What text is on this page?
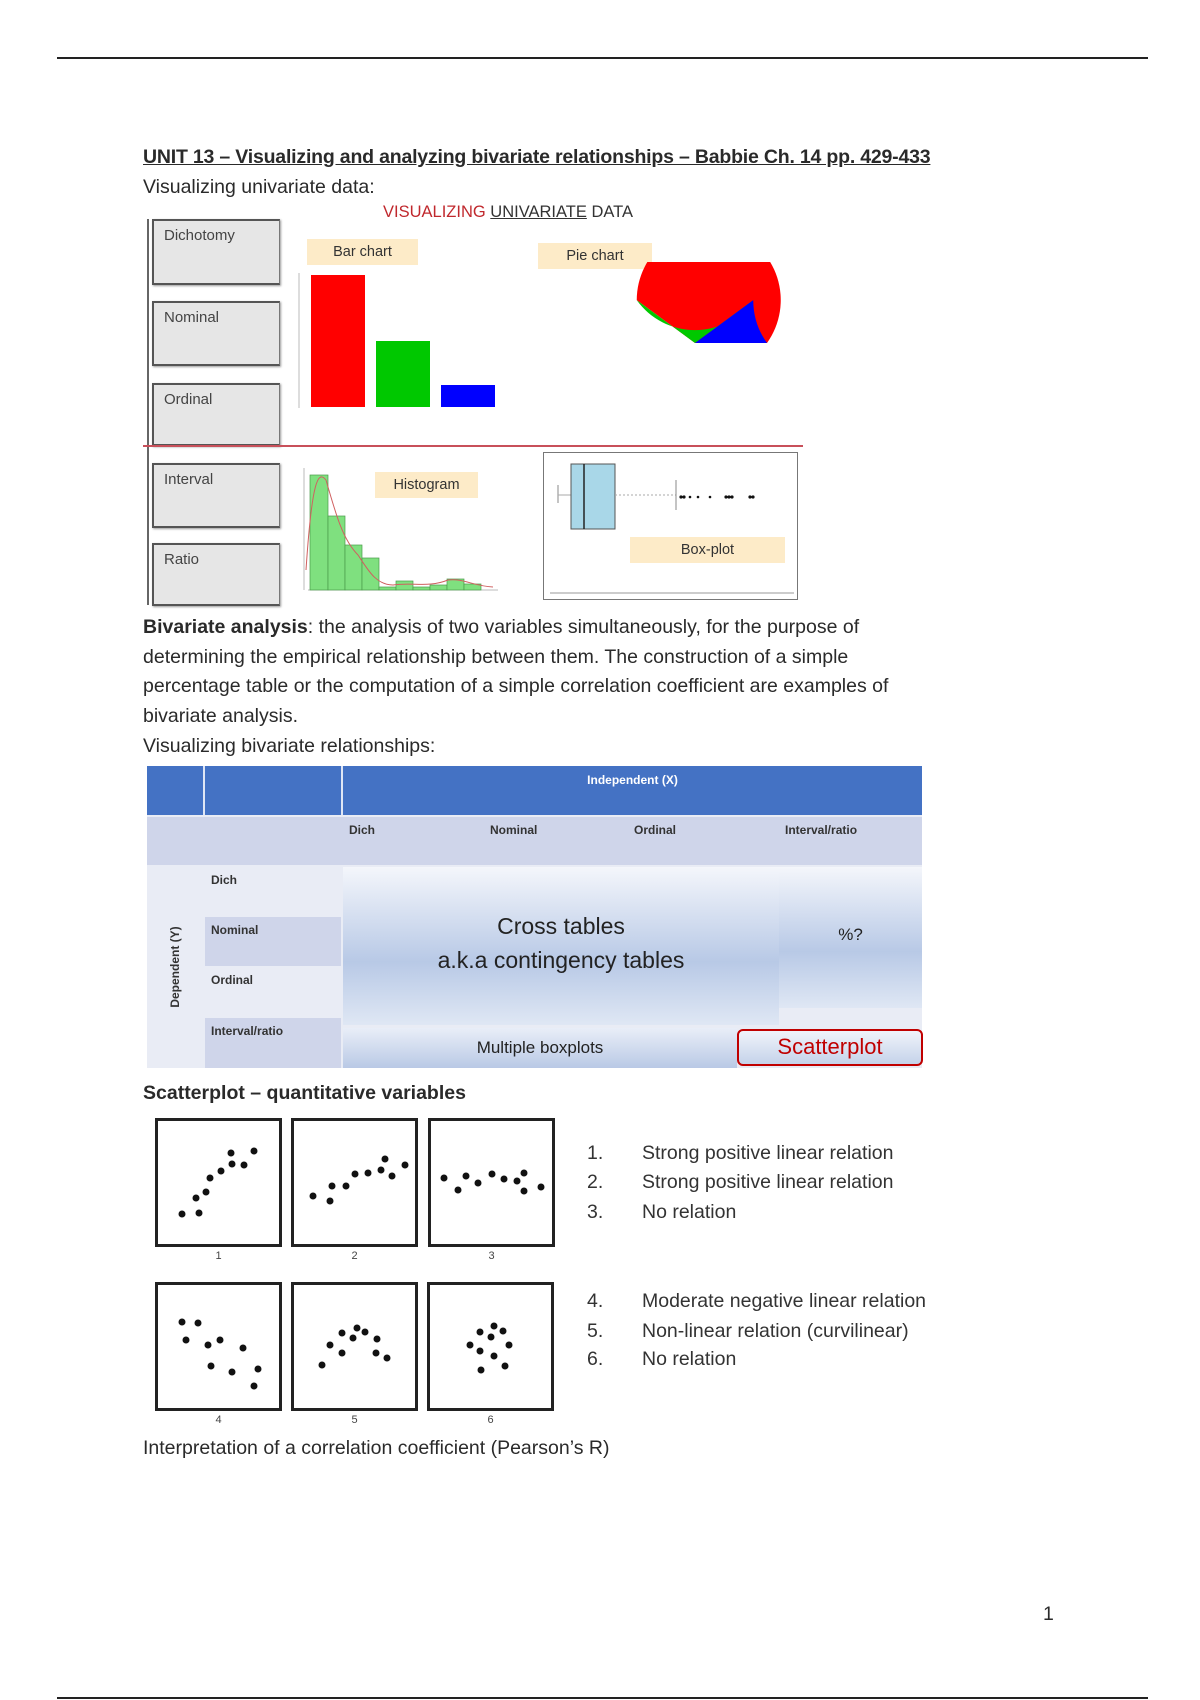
UNIT 13 – Visualizing and analyzing bivariate relationships – Babbie Ch. 14 pp. 429-433
Visualizing univariate data:
VISUALIZING UNIVARIATE DATA
Dichotomy
Nominal
Ordinal
Interval
Ratio
Bar chart	Pie chart
Histogram
Box-plot
Bivariate analysis: the analysis of two variables simultaneously, for the purpose of
determining the empirical relationship between them. The construction of a simple
percentage table or the computation of a simple correlation coefficient are examples of
bivariate analysis.
Visualizing bivariate relationships:
Independent (X)
Dich	Nominal	Ordinal	Interval/ratio
Dependent (Y)
Dich
Nominal
Ordinal
Interval/ratio
Cross tables
a.k.a contingency tables
%?
Multiple boxplots	Scatterplot
Scatterplot – quantitative variables
1	2	3
4	5	6
1. Strong positive linear relation
2. Strong positive linear relation
3. No relation
4. Moderate negative linear relation
5. Non-linear relation (curvilinear)
6. No relation
Interpretation of a correlation coefficient (Pearson’s R)
1
